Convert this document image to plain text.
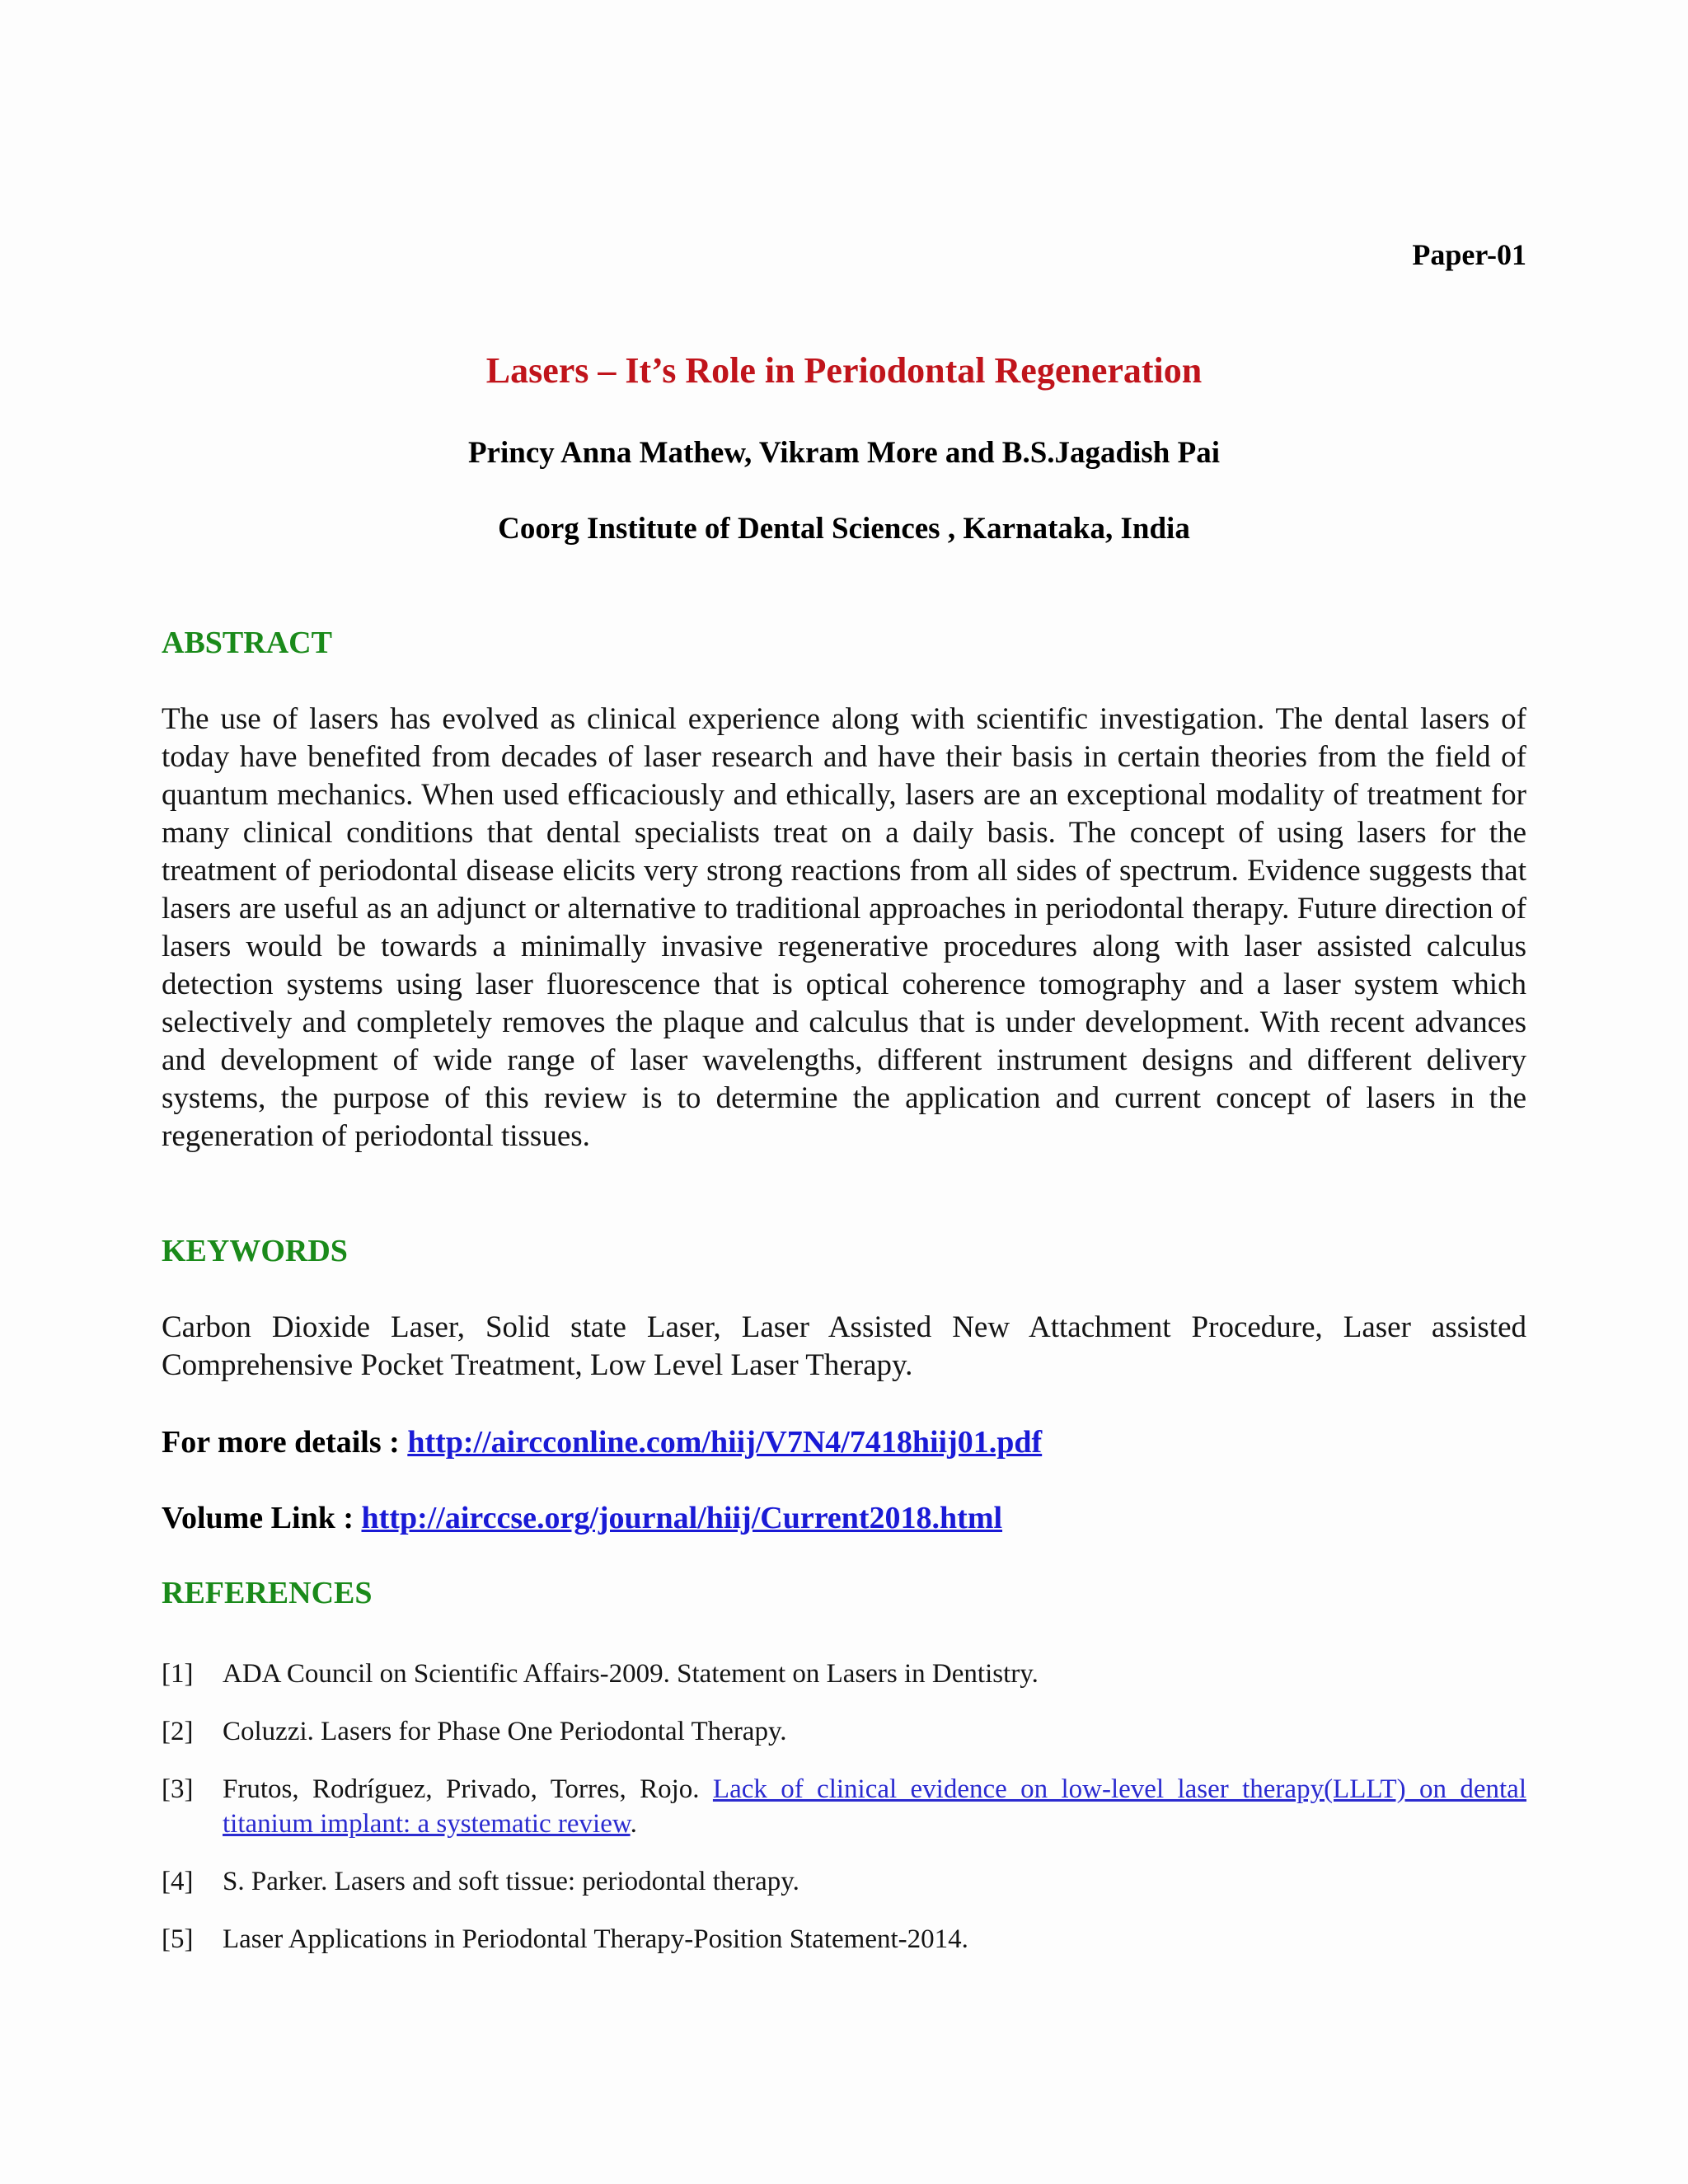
Paper-01
Lasers – It’s Role in Periodontal Regeneration
Princy Anna Mathew, Vikram More and B.S.Jagadish Pai
Coorg Institute of Dental Sciences , Karnataka, India
ABSTRACT
The use of lasers has evolved as clinical experience along with scientific investigation. The dental lasers of today have benefited from decades of laser research and have their basis in certain theories from the field of quantum mechanics. When used efficaciously and ethically, lasers are an exceptional modality of treatment for many clinical conditions that dental specialists treat on a daily basis. The concept of using lasers for the treatment of periodontal disease elicits very strong reactions from all sides of spectrum. Evidence suggests that lasers are useful as an adjunct or alternative to traditional approaches in periodontal therapy. Future direction of lasers would be towards a minimally invasive regenerative procedures along with laser assisted calculus detection systems using laser fluorescence that is optical coherence tomography and a laser system which selectively and completely removes the plaque and calculus that is under development. With recent advances and development of wide range of laser wavelengths, different instrument designs and different delivery systems, the purpose of this review is to determine the application and current concept of lasers in the regeneration of periodontal tissues.
KEYWORDS
Carbon Dioxide Laser, Solid state Laser, Laser Assisted New Attachment Procedure, Laser assisted Comprehensive Pocket Treatment, Low Level Laser Therapy.
For more details : http://aircconline.com/hiij/V7N4/7418hiij01.pdf
Volume Link : http://airccse.org/journal/hiij/Current2018.html
REFERENCES
[1]	ADA Council on Scientific Affairs-2009. Statement on Lasers in Dentistry.
[2]	Coluzzi. Lasers for Phase One Periodontal Therapy.
[3]	Frutos, Rodríguez, Privado, Torres, Rojo. Lack of clinical evidence on low-level laser therapy(LLLT) on dental titanium implant: a systematic review.
[4]	S. Parker. Lasers and soft tissue: periodontal therapy.
[5]	Laser Applications in Periodontal Therapy-Position Statement-2014.
